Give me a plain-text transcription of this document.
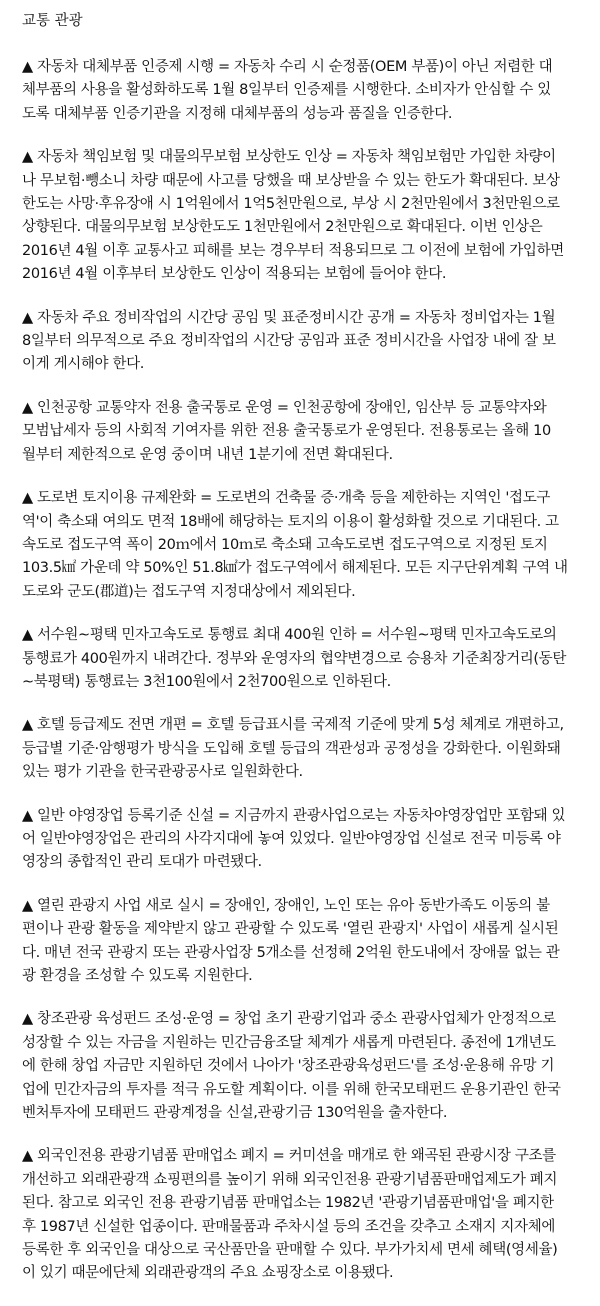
교통 관광

▲ 자동차 대체부품 인증제 시행 = 자동차 수리 시 순정품(OEM 부품)이 아닌 저렴한 대
체부품의 사용을 활성화하도록 1월 8일부터 인증제를 시행한다. 소비자가 안심할 수 있
도록 대체부품 인증기관을 지정해 대체부품의 성능과 품질을 인증한다.

▲ 자동차 책임보험 및 대물의무보험 보상한도 인상 = 자동차 책임보험만 가입한 차량이
나 무보험·뺑소니 차량 때문에 사고를 당했을 때 보상받을 수 있는 한도가 확대된다. 보상
한도는 사망·후유장애 시 1억원에서 1억5천만원으로, 부상 시 2천만원에서 3천만원으로
상향된다. 대물의무보험 보상한도도 1천만원에서 2천만원으로 확대된다. 이번 인상은
2016년 4월 이후 교통사고 피해를 보는 경우부터 적용되므로 그 이전에 보험에 가입하면
2016년 4월 이후부터 보상한도 인상이 적용되는 보험에 들어야 한다.

▲ 자동차 주요 정비작업의 시간당 공임 및 표준정비시간 공개 = 자동차 정비업자는 1월
8일부터 의무적으로 주요 정비작업의 시간당 공임과 표준 정비시간을 사업장 내에 잘 보
이게 게시해야 한다.

▲ 인천공항 교통약자 전용 출국통로 운영 = 인천공항에 장애인, 임산부 등 교통약자와
모범납세자 등의 사회적 기여자를 위한 전용 출국통로가 운영된다. 전용통로는 올해 10
월부터 제한적으로 운영 중이며 내년 1분기에 전면 확대된다.

▲ 도로변 토지이용 규제완화 = 도로변의 건축물 증·개축 등을 제한하는 지역인 '접도구
역'이 축소돼 여의도 면적 18배에 해당하는 토지의 이용이 활성화할 것으로 기대된다. 고
속도로 접도구역 폭이 20ｍ에서 10ｍ로 축소돼 고속도로변 접도구역으로 지정된 토지
103.5㎢ 가운데 약 50%인 51.8㎢가 접도구역에서 해제된다. 모든 지구단위계획 구역 내
도로와 군도(郡道)는 접도구역 지정대상에서 제외된다.

▲ 서수원∼평택 민자고속도로 통행료 최대 400원 인하 = 서수원∼평택 민자고속도로의
통행료가 400원까지 내려간다. 정부와 운영자의 협약변경으로 승용차 기준최장거리(동탄
∼북평택) 통행료는 3천100원에서 2천700원으로 인하된다.

▲ 호텔 등급제도 전면 개편 = 호텔 등급표시를 국제적 기준에 맞게 5성 체계로 개편하고,
등급별 기준·암행평가 방식을 도입해 호텔 등급의 객관성과 공정성을 강화한다. 이원화돼
있는 평가 기관을 한국관광공사로 일원화한다.

▲ 일반 야영장업 등록기준 신설 = 지금까지 관광사업으로는 자동차야영장업만 포함돼 있
어 일반야영장업은 관리의 사각지대에 놓여 있었다. 일반야영장업 신설로 전국 미등록 야
영장의 종합적인 관리 토대가 마련됐다.

▲ 열린 관광지 사업 새로 실시 = 장애인, 장애인, 노인 또는 유아 동반가족도 이동의 불
편이나 관광 활동을 제약받지 않고 관광할 수 있도록 '열린 관광지' 사업이 새롭게 실시된
다. 매년 전국 관광지 또는 관광사업장 5개소를 선정해 2억원 한도내에서 장애물 없는 관
광 환경을 조성할 수 있도록 지원한다.

▲ 창조관광 육성펀드 조성·운영 = 창업 초기 관광기업과 중소 관광사업체가 안정적으로
성장할 수 있는 자금을 지원하는 민간금융조달 체계가 새롭게 마련된다. 종전에 1개년도
에 한해 창업 자금만 지원하던 것에서 나아가 '창조관광육성펀드'를 조성·운용해 유망 기
업에 민간자금의 투자를 적극 유도할 계획이다. 이를 위해 한국모태펀드 운용기관인 한국
벤처투자에 모태펀드 관광계정을 신설,관광기금 130억원을 출자한다.

▲ 외국인전용 관광기념품 판매업소 폐지 = 커미션을 매개로 한 왜곡된 관광시장 구조를
개선하고 외래관광객 쇼핑편의를 높이기 위해 외국인전용 관광기념품판매업제도가 폐지
된다. 참고로 외국인 전용 관광기념품 판매업소는 1982년 '관광기념품판매업'을 폐지한
후 1987년 신설한 업종이다. 판매물품과 주차시설 등의 조건을 갖추고 소재지 지자체에
등록한 후 외국인을 대상으로 국산품만을 판매할 수 있다. 부가가치세 면세 혜택(영세율)
이 있기 때문에단체 외래관광객의 주요 쇼핑장소로 이용됐다.
